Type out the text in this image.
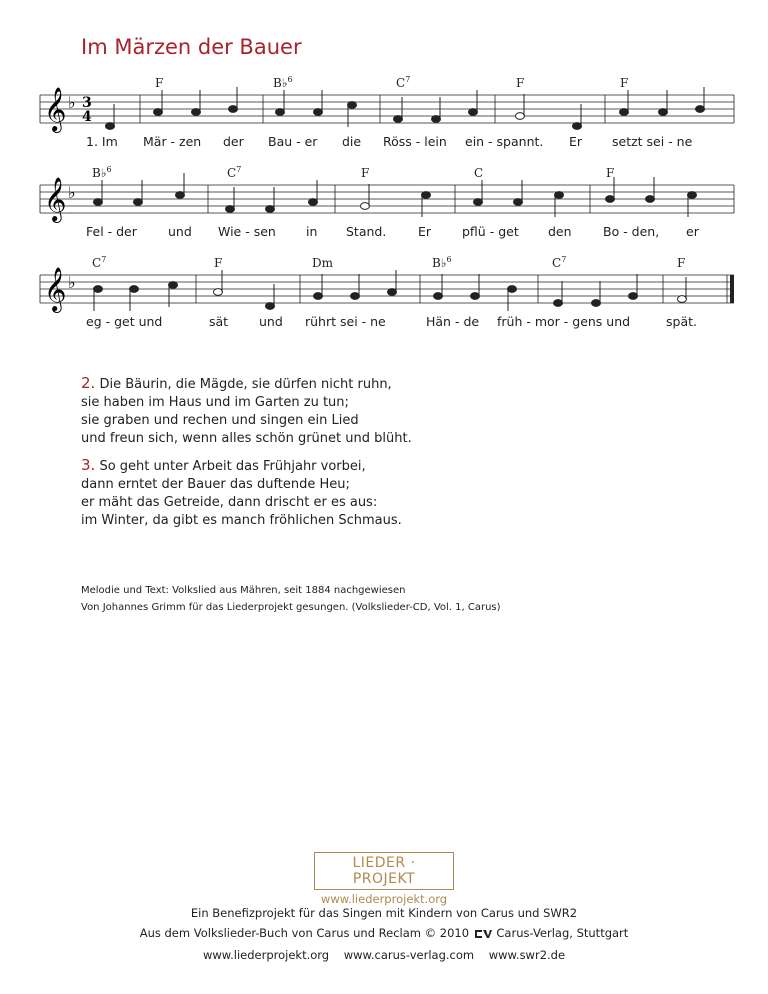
Im Märzen der Bauer
𝄞 ♭ 3
4
F	B♭$^6$	$C^7$	F	F
1. Im Mär - zen der Bau - er die Röss - lein ein - spannt. Er setzt sei - ne
𝄞 ♭
B♭$^6$	$C^7$	F	C	F
Fel - der und Wie - sen in Stand.	Er pflü - get den	Bo - den, er
𝄞 ♭
$C^7$	F	Dm	B♭$^6$	$C^7$	F
eg - get und	sät und rührt sei - ne	Hän - de früh - mor - gens und	spät.
2. Die Bäurin, die Mägde, sie dürfen nicht ruhn,
sie haben im Haus und im Garten zu tun;
sie graben und rechen und singen ein Lied
und freun sich, wenn alles schön grünet und blüht.
3. So geht unter Arbeit das Frühjahr vorbei,
dann erntet der Bauer das duftende Heu;
er mäht das Getreide, dann drischt er es aus:
im Winter, da gibt es manch fröhlichen Schmaus.
Melodie und Text: Volkslied aus Mähren, seit 1884 nachgewiesen
Von Johannes Grimm für das Liederprojekt gesungen. (Volkslieder-CD, Vol. 1, Carus)
LIEDER · PROJEKT
www.liederprojekt.org
Ein Benefizprojekt für das Singen mit Kindern von Carus und SWR2
Aus dem Volkslieder-Buch von Carus und Reclam © 2010 Carus-Verlag, Stuttgart
www.liederprojekt.org www.carus-verlag.com www.swr2.de
